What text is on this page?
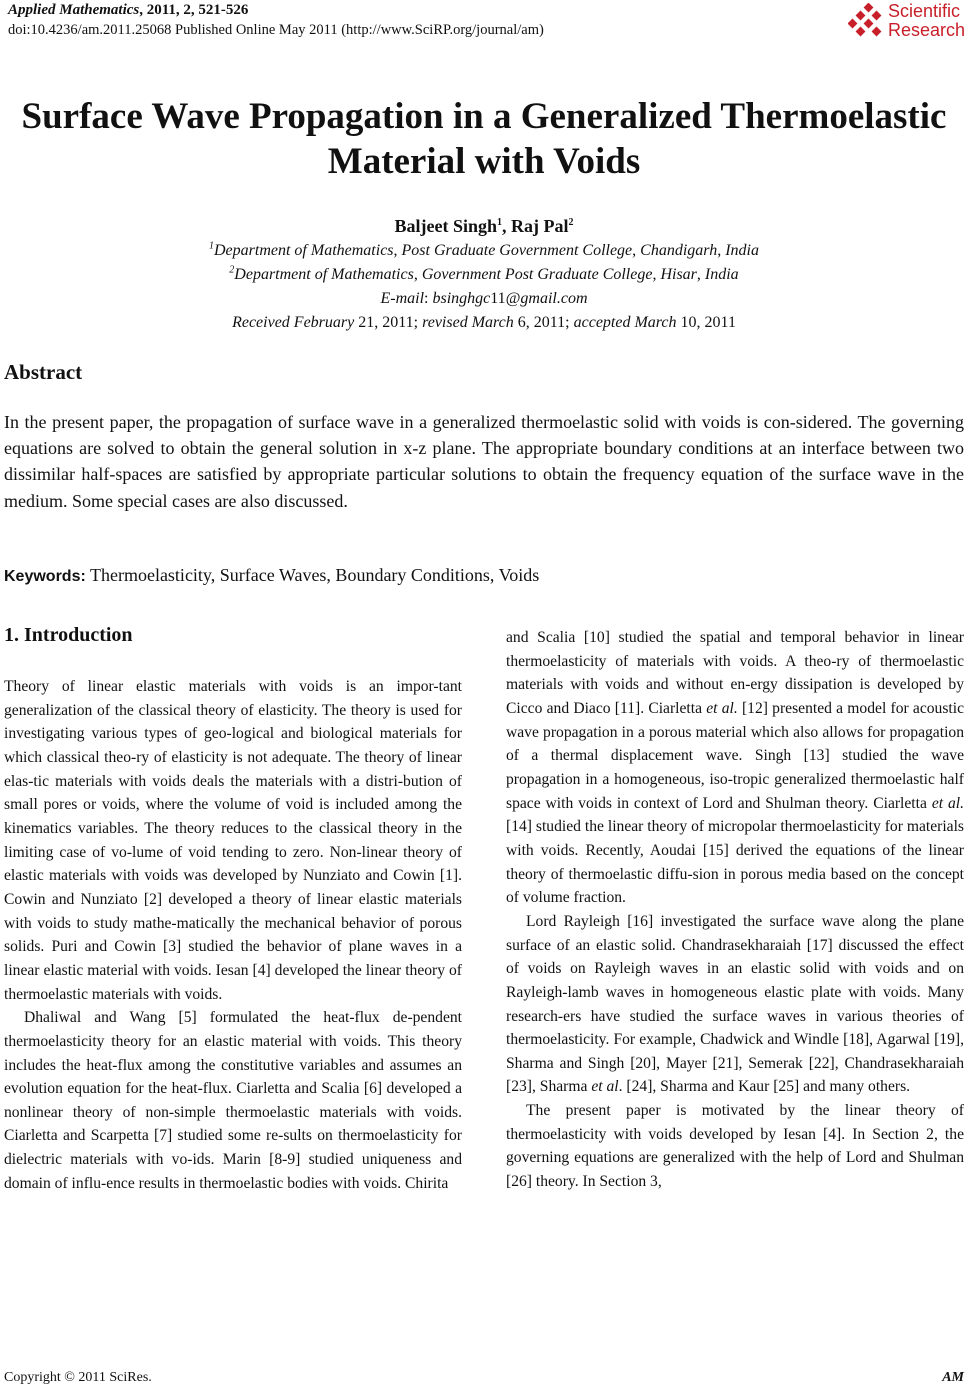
Applied Mathematics, 2011, 2, 521-526
doi:10.4236/am.2011.25068 Published Online May 2011 (http://www.SciRP.org/journal/am)
Scientific
Research
Surface Wave Propagation in a Generalized Thermoelastic
Material with Voids
Baljeet Singh$^1$, Raj Pal$^2$
$^1$Department of Mathematics, Post Graduate Government College, Chandigarh, India
$^2$Department of Mathematics, Government Post Graduate College, Hisar, India
E-mail: bsinghgc11@gmail.com
Received February 21, 2011; revised March 6, 2011; accepted March 10, 2011
Abstract
In the present paper, the propagation of surface wave in a generalized thermoelastic solid with voids is con-sidered. The governing equations are solved to obtain the general solution in x-z plane. The appropriate boundary conditions at an interface between two dissimilar half-spaces are satisfied by appropriate particular solutions to obtain the frequency equation of the surface wave in the medium. Some special cases are also discussed.
Keywords: Thermoelasticity, Surface Waves, Boundary Conditions, Voids
1. Introduction

Theory of linear elastic materials with voids is an impor-tant generalization of the classical theory of elasticity. The theory is used for investigating various types of geo-logical and biological materials for which classical theo-ry of elasticity is not adequate. The theory of linear elas-tic materials with voids deals the materials with a distri-bution of small pores or voids, where the volume of void is included among the kinematics variables. The theory reduces to the classical theory in the limiting case of vo-lume of void tending to zero. Non-linear theory of elastic materials with voids was developed by Nunziato and Cowin [1]. Cowin and Nunziato [2] developed a theory of linear elastic materials with voids to study mathe-matically the mechanical behavior of porous solids. Puri and Cowin [3] studied the behavior of plane waves in a linear elastic material with voids. Iesan [4] developed the linear theory of thermoelastic materials with voids.

Dhaliwal and Wang [5] formulated the heat-flux de-pendent thermoelasticity theory for an elastic material with voids. This theory includes the heat-flux among the constitutive variables and assumes an evolution equation for the heat-flux. Ciarletta and Scalia [6] developed a nonlinear theory of non-simple thermoelastic materials with voids. Ciarletta and Scarpetta [7] studied some re-sults on thermoelasticity for dielectric materials with vo-ids. Marin [8-9] studied uniqueness and domain of influ-ence results in thermoelastic bodies with voids. Chirita

and Scalia [10] studied the spatial and temporal behavior in linear thermoelasticity of materials with voids. A theo-ry of thermoelastic materials with voids and without en-ergy dissipation is developed by Cicco and Diaco [11]. Ciarletta et al. [12] presented a model for acoustic wave propagation in a porous material which also allows for propagation of a thermal displacement wave. Singh [13] studied the wave propagation in a homogeneous, iso-tropic generalized thermoelastic half space with voids in context of Lord and Shulman theory. Ciarletta et al. [14] studied the linear theory of micropolar thermoelasticity for materials with voids. Recently, Aoudai [15] derived the equations of the linear theory of thermoelastic diffu-sion in porous media based on the concept of volume fraction.

Lord Rayleigh [16] investigated the surface wave along the plane surface of an elastic solid. Chandrasekharaiah [17] discussed the effect of voids on Rayleigh waves in an elastic solid with voids and on Rayleigh-lamb waves in homogeneous elastic plate with voids. Many research-ers have studied the surface waves in various theories of thermoelasticity. For example, Chadwick and Windle [18], Agarwal [19], Sharma and Singh [20], Mayer [21], Semerak [22], Chandrasekharaiah [23], Sharma et al. [24], Sharma and Kaur [25] and many others.

The present paper is motivated by the linear theory of thermoelasticity with voids developed by Iesan [4]. In Section 2, the governing equations are generalized with the help of Lord and Shulman [26] theory. In Section 3,

Copyright © 2011 SciRes.	AM
